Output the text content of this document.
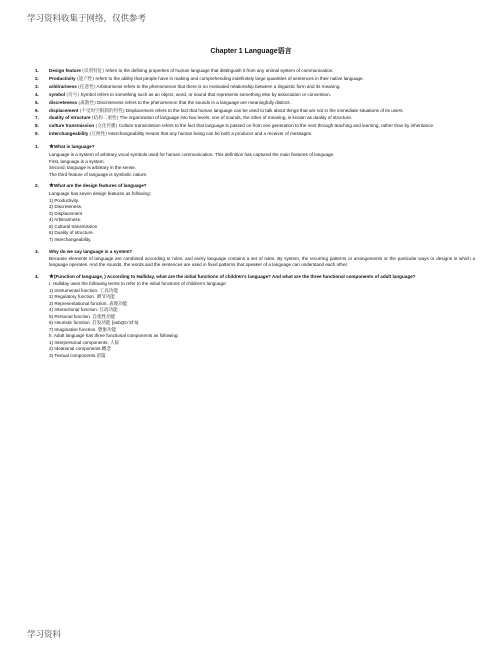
学习资料收集于网络，仅供参考
Chapter 1 Language语言
1.	Design feature (识别特征) refers to the defining properties of human language that distinguish it from any animal system of communication.
2.	Productivity (能产性) refers to the ability that people have in making and comprehending indefinitely large quantities of sentences in their native language.
3.	arbitrariness (任意性) Arbitrariness refers to the phenomenon that there is no motivated relationship between a linguistic form and its meaning.
4.	symbol (符号) Symbol refers to something such as an object, word, or sound that represents something else by association or convention.
5.	discreteness (离散性) Discreteness refers to the phenomenon that the sounds in a language are meaningfully distinct.
6.	displacement (不受时空限制的特性) Displacement refers to the fact that human language can be used to talk about things that are not in the immediate situations of its users.
7.	duality of structure (结构二重性) The organization of language into two levels, one of sounds, the other of meaning, is known as duality of structure.
8.	culture transmission (文化传播) Culture transmission refers to the fact that language is passed on from one generation to the next through teaching and learning, rather than by inheritance.
9.	interchangeability (互换性) Interchangeability means that any human being can be both a producer and a receiver of messages.
1.	★What is language?
Language is a system of arbitrary vocal symbols used for human communication. This definition has captured the main features of language.
First, language is a system.
Second, language is arbitrary in the sense.
The third feature of language is symbolic nature.
2.	★What are the design features of language?
Language has seven design features as following:
1) Productivity.
2) Discreteness.
3) Displacement
4) Arbitrariness.
5) Cultural transmission
6) Duality of structure.
7) Interchangeability.
3.	Why do we say language is a system?
Because elements of language are combined according to rules, and every language contains a set of rules. By system, the recurring patterns or arrangements or the particular ways or designs in which a language operates. And the sounds, the words and the sentences are used in fixed patterns that speaker of a language can understand each other.
4.	★(Function of language，) According to Halliday, what are the initial functions of children's language? And what are the three functional components of adult language?
I. Halliday uses the following terms to refer to the initial functions of children's language:
1) Instrumental function. 工具功能
2) Regulatory function. 调节功能
3) Representational function. 表现功能
4) Interactional function. 互动功能
5) Personal function. 自指性功能
6) Heuristic function. 启发功能 [əʊbQtɔ`kf`h]
7) Imaginative function. 想象功能
II. Adult language has three functional components as following:
1) Interpersonal components. 人际
2) Ideational components.概念
3) Textual components.语篇
学习资料
